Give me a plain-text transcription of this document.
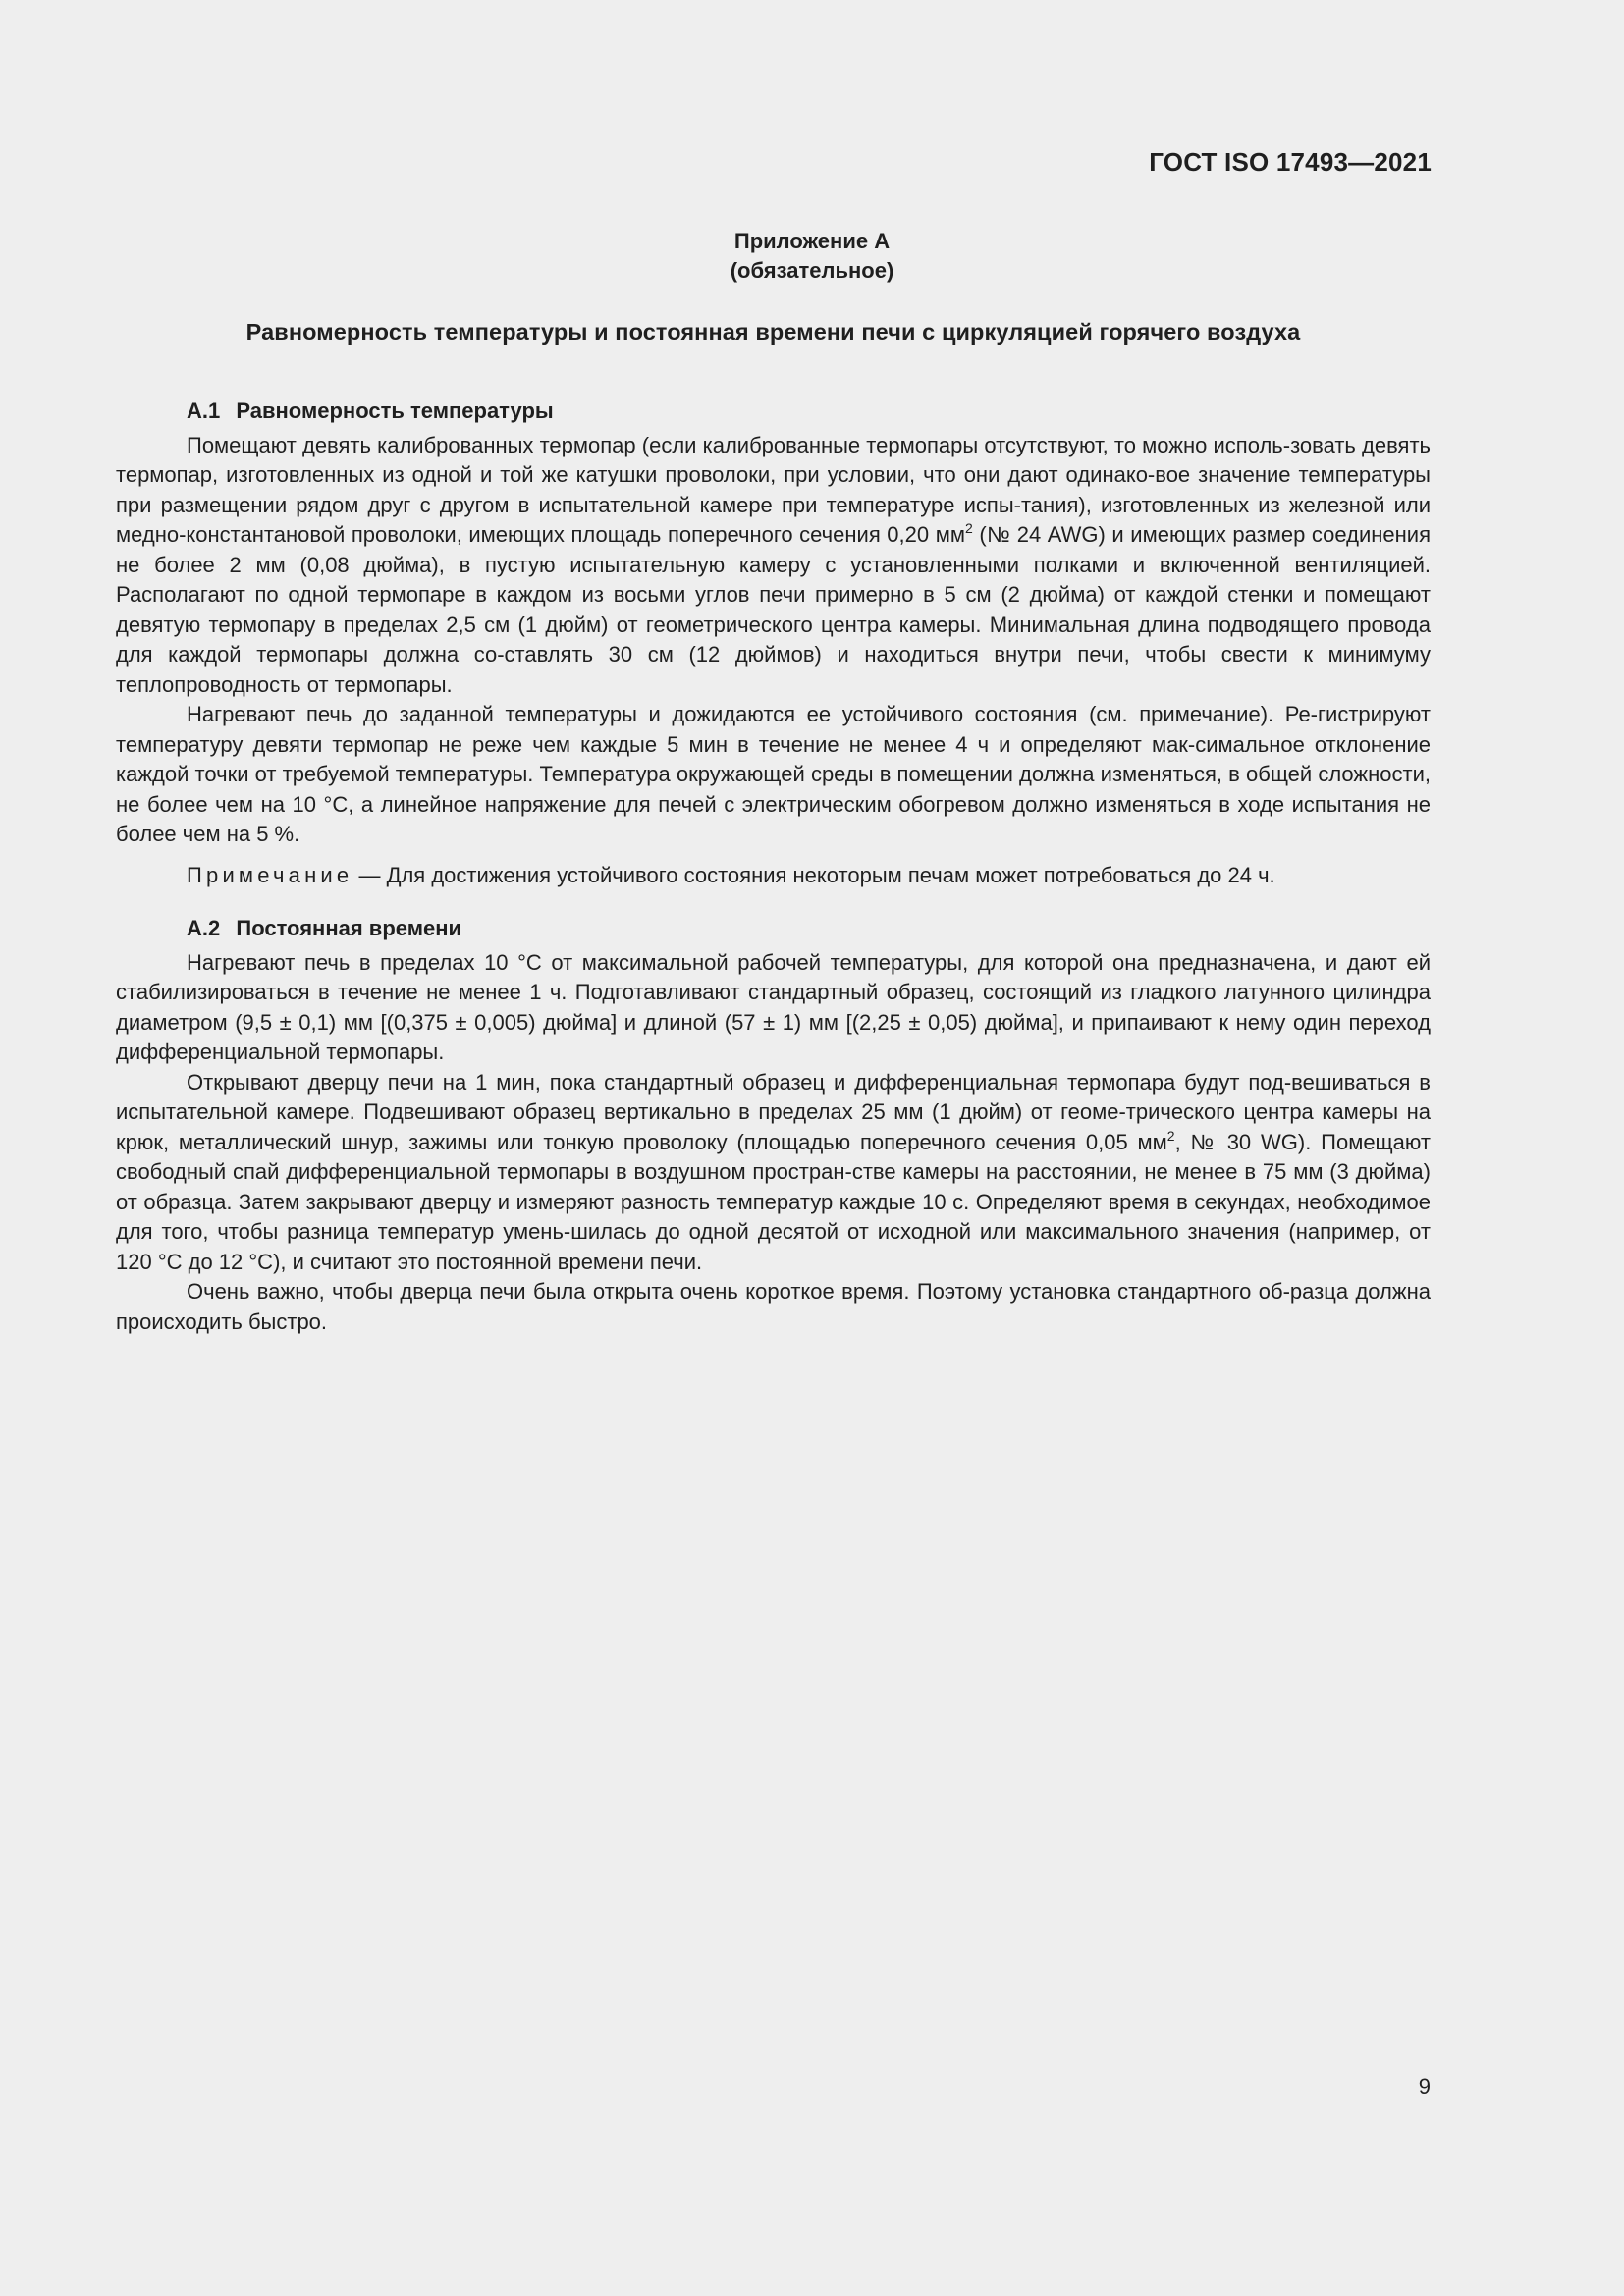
ГОСТ ISO 17493—2021
Приложение А
(обязательное)
Равномерность температуры и постоянная времени печи с циркуляцией горячего воздуха
А.1 Равномерность температуры

Помещают девять калиброванных термопар (если калиброванные термопары отсутствуют, то можно исполь-зовать девять термопар, изготовленных из одной и той же катушки проволоки, при условии, что они дают одинако-вое значение температуры при размещении рядом друг с другом в испытательной камере при температуре испы-тания), изготовленных из железной или медно-константановой проволоки, имеющих площадь поперечного сечения 0,20 $мм^2$ (№ 24 AWG) и имеющих размер соединения не более 2 мм (0,08 дюйма), в пустую испытательную камеру с установленными полками и включенной вентиляцией. Располагают по одной термопаре в каждом из восьми углов печи примерно в 5 см (2 дюйма) от каждой стенки и помещают девятую термопару в пределах 2,5 см (1 дюйм) от геометрического центра камеры. Минимальная длина подводящего провода для каждой термопары должна со-ставлять 30 см (12 дюймов) и находиться внутри печи, чтобы свести к минимуму теплопроводность от термопары.

Нагревают печь до заданной температуры и дожидаются ее устойчивого состояния (см. примечание). Ре-гистрируют температуру девяти термопар не реже чем каждые 5 мин в течение не менее 4 ч и определяют мак-симальное отклонение каждой точки от требуемой температуры. Температура окружающей среды в помещении должна изменяться, в общей сложности, не более чем на 10 °С, а линейное напряжение для печей с электрическим обогревом должно изменяться в ходе испытания не более чем на 5 %.

Примечание — Для достижения устойчивого состояния некоторым печам может потребоваться до 24 ч.

А.2 Постоянная времени

Нагревают печь в пределах 10 °С от максимальной рабочей температуры, для которой она предназначена, и дают ей стабилизироваться в течение не менее 1 ч. Подготавливают стандартный образец, состоящий из гладкого латунного цилиндра диаметром (9,5 ± 0,1) мм [(0,375 ± 0,005) дюйма] и длиной (57 ± 1) мм [(2,25 ± 0,05) дюйма], и припаивают к нему один переход дифференциальной термопары.

Открывают дверцу печи на 1 мин, пока стандартный образец и дифференциальная термопара будут под-вешиваться в испытательной камере. Подвешивают образец вертикально в пределах 25 мм (1 дюйм) от геоме-трического центра камеры на крюк, металлический шнур, зажимы или тонкую проволоку (площадью поперечного сечения 0,05 $мм^2$, № 30 WG). Помещают свободный спай дифференциальной термопары в воздушном простран-стве камеры на расстоянии, не менее в 75 мм (3 дюйма) от образца. Затем закрывают дверцу и измеряют разность температур каждые 10 с. Определяют время в секундах, необходимое для того, чтобы разница температур умень-шилась до одной десятой от исходной или максимального значения (например, от 120 °С до 12 °С), и считают это постоянной времени печи.

Очень важно, чтобы дверца печи была открыта очень короткое время. Поэтому установка стандартного об-разца должна происходить быстро.

9
